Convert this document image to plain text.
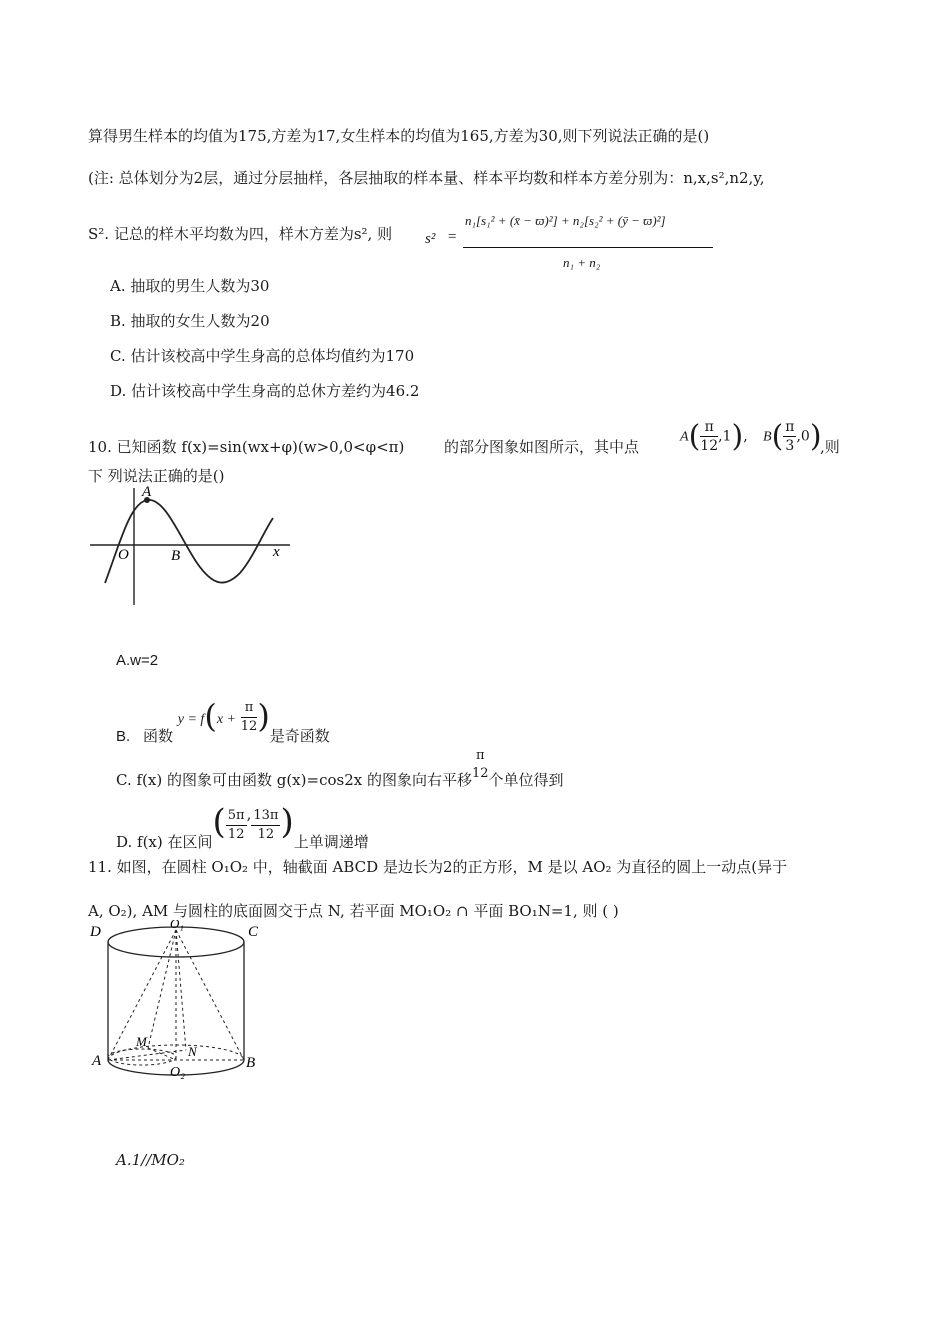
算得男生样本的均值为175,方差为17,女生样本的均值为165,方差为30,则下列说法正确的是()
(注: 总体划分为2层，通过分层抽样，各层抽取的样本量、样本平均数和样本方差分别为：n,x,s²,n2,y,
S². 记总的样木平均数为四，样木方差为s², 则 s² =
n₁[s₁² + (x̄ − ϖ)²] + n₂[s₂² + (ȳ − ϖ)²]
n₁ + n₂
A. 抽取的男生人数为30
B. 抽取的女生人数为20
C. 估计该校高中学生身高的总体均值约为170
D. 估计该校高中学生身高的总休方差约为46.2
10. 已知函数 f(x)=sin(wx+φ)(w>0,0<φ<π)	的部分图象如图所示，其中点
$A( \frac{\pi}{12} ,1)$, $B( \frac{\pi}{3} ,0)$
,则
下 列说法正确的是()
A
O	B	x
A.w=2
B. 函数 $y = f(x + \frac{\pi}{12}$ )是奇函数
C. f(x) 的图象可由函数 g(x)=cos2x 的图象向右平移
π
12 个单位得到
D. f(x) 在区间( $\frac{5\pi}{12}$ , $\frac{13\pi}{12}$ )上单调递增
11. 如图，在圆柱 O₁O₂ 中，轴截面 ABCD 是边长为2的正方形，M 是以 AO₂ 为直径的圆上一动点(异于
A, O₂), AM 与圆柱的底面圆交于点 N, 若平面 MO₁O₂ ∩ 平面 BO₁N=1, 则 ( )
D	C
O₁
M
N
A
O₂
B
A.1//MO₂
